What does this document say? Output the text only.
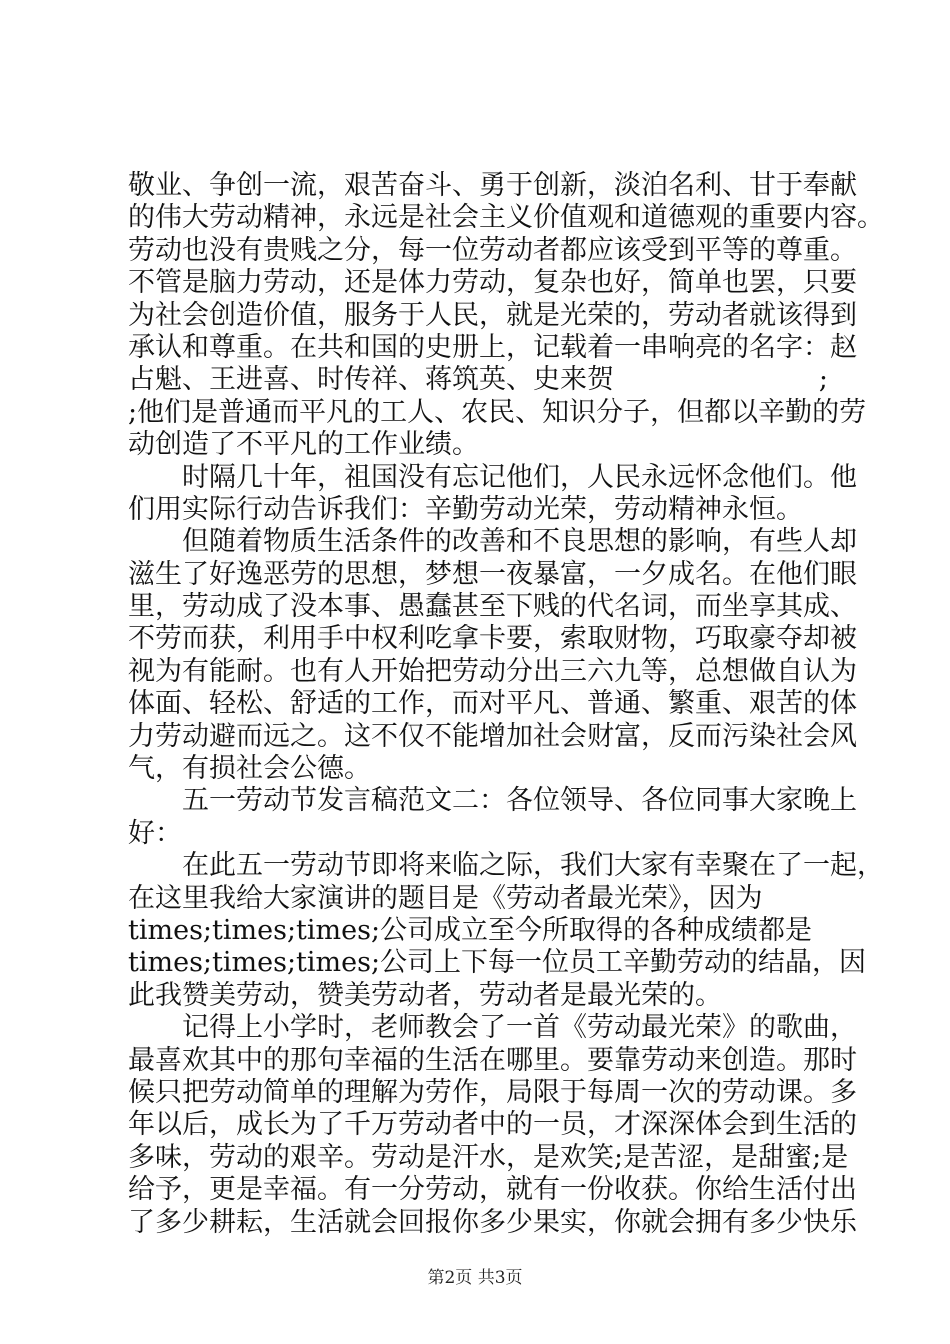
敬业、争创一流，艰苦奋斗、勇于创新，淡泊名利、甘于奉献
的伟大劳动精神，永远是社会主义价值观和道德观的重要内容。
劳动也没有贵贱之分，每一位劳动者都应该受到平等的尊重。
不管是脑力劳动，还是体力劳动，复杂也好，简单也罢，只要
为社会创造价值，服务于人民，就是光荣的，劳动者就该得到
承认和尊重。在共和国的史册上，记载着一串响亮的名字：赵
占魁、王进喜、时传祥、蒋筑英、史来贺	;
;他们是普通而平凡的工人、农民、知识分子，但都以辛勤的劳
动创造了不平凡的工作业绩。
时隔几十年，祖国没有忘记他们，人民永远怀念他们。他
们用实际行动告诉我们：辛勤劳动光荣，劳动精神永恒。
但随着物质生活条件的改善和不良思想的影响，有些人却
滋生了好逸恶劳的思想，梦想一夜暴富，一夕成名。在他们眼
里，劳动成了没本事、愚蠢甚至下贱的代名词，而坐享其成、
不劳而获，利用手中权利吃拿卡要，索取财物，巧取豪夺却被
视为有能耐。也有人开始把劳动分出三六九等，总想做自认为
体面、轻松、舒适的工作，而对平凡、普通、繁重、艰苦的体
力劳动避而远之。这不仅不能增加社会财富，反而污染社会风
气，有损社会公德。
五一劳动节发言稿范文二：各位领导、各位同事大家晚上
好：
在此五一劳动节即将来临之际，我们大家有幸聚在了一起，
在这里我给大家演讲的题目是《劳动者最光荣》，因为
times;times;times;公司成立至今所取得的各种成绩都是
times;times;times;公司上下每一位员工辛勤劳动的结晶，因
此我赞美劳动，赞美劳动者，劳动者是最光荣的。
记得上小学时，老师教会了一首《劳动最光荣》的歌曲，
最喜欢其中的那句幸福的生活在哪里。要靠劳动来创造。那时
候只把劳动简单的理解为劳作，局限于每周一次的劳动课。多
年以后，成长为了千万劳动者中的一员，才深深体会到生活的
多味，劳动的艰辛。劳动是汗水，是欢笑;是苦涩，是甜蜜;是
给予，更是幸福。有一分劳动，就有一份收获。你给生活付出
了多少耕耘，生活就会回报你多少果实，你就会拥有多少快乐
第2页 共3页
